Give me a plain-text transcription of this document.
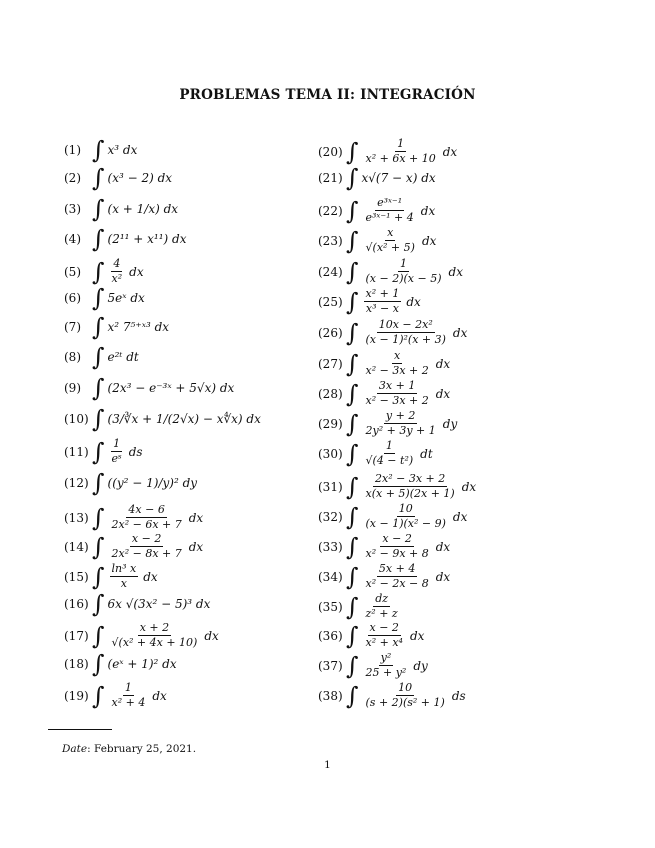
PROBLEMAS TEMA II: INTEGRACIÓN
(1) ∫ x³ dx
(2) ∫ (x³ − 2) dx
(3) ∫ (x + 1/x) dx
(4) ∫ (2¹¹ + x¹¹) dx
(5) ∫ $\frac{4}{\text{x²}}$ dx
(6) ∫ 5eˣ dx
(7) ∫ x² 7⁵⁺ˣ³ dx
(8) ∫ e²ᵗ dt
(9) ∫ (2x³ − e⁻³ˣ + 5√x) dx
(10) ∫ (3/∛x + 1/(2√x) − x∜x) dx
(11) ∫ $\frac{1}{\text{eˢ}}$ ds
(12) ∫ ((y² − 1)/y)² dy
(13) ∫ $\frac{4x - 6}{\text{2x² − 6x + 7}}$ dx
(14) ∫ $\frac{x - 2}{\text{2x² − 8x + 7}}$ dx
(15) ∫ $\frac{\text{ln³ x}}{x}$ dx
(16) ∫ 6x √(3x² − 5)³ dx
(17) ∫ $\frac{x + 2}{\text{√(x² + 4x + 10)}}$ dx
(18) ∫ (eˣ + 1)² dx
(19) ∫ $\frac{1}{\text{x² + 4}}$ dx
(20) ∫ $\frac{1}{\text{x² + 6x + 10}}$ dx
(21) ∫ x√(7 − x) dx
(22) ∫ $\frac{\text{e³ˣ⁻¹}}{\text{e³ˣ⁻¹ + 4}}$ dx
(23) ∫ $\frac{x}{\text{√(x² + 5)}}$ dx
(24) ∫ $\frac{1}{(x - 2)(x - 5)}$ dx
(25) ∫ $\frac{\text{x² + 1}}{\text{x³ − x}}$ dx
(26) ∫ $\frac{\text{10x − 2x²}}{\text{(x − 1)²(x + 3)}}$ dx
(27) ∫ $\frac{x}{\text{x² − 3x + 2}}$ dx
(28) ∫ $\frac{3x + 1}{\text{x² − 3x + 2}}$ dx
(29) ∫ $\frac{y + 2}{\text{2y² + 3y + 1}}$ dy
(30) ∫ $\frac{1}{\text{√(4 − t²)}}$ dt
(31) ∫ $\frac{\text{2x² − 3x + 2}}{x(x + 5)(2x + 1)}$ dx
(32) ∫ $\frac{10}{\text{(x − 1)(x² − 9)}}$ dx
(33) ∫ $\frac{x - 2}{\text{x² − 9x + 8}}$ dx
(34) ∫ $\frac{5x + 4}{\text{x² − 2x − 8}}$ dx
(35) ∫ $\frac{dz}{\text{z² + z}}$
(36) ∫ $\frac{x - 2}{\text{x² + x⁴}}$ dx
(37) ∫ $\frac{\text{y²}}{\text{25 + y²}}$ dy
(38) ∫ $\frac{10}{\text{(s + 2)(s² + 1)}}$ ds
Date: February 25, 2021.
1
